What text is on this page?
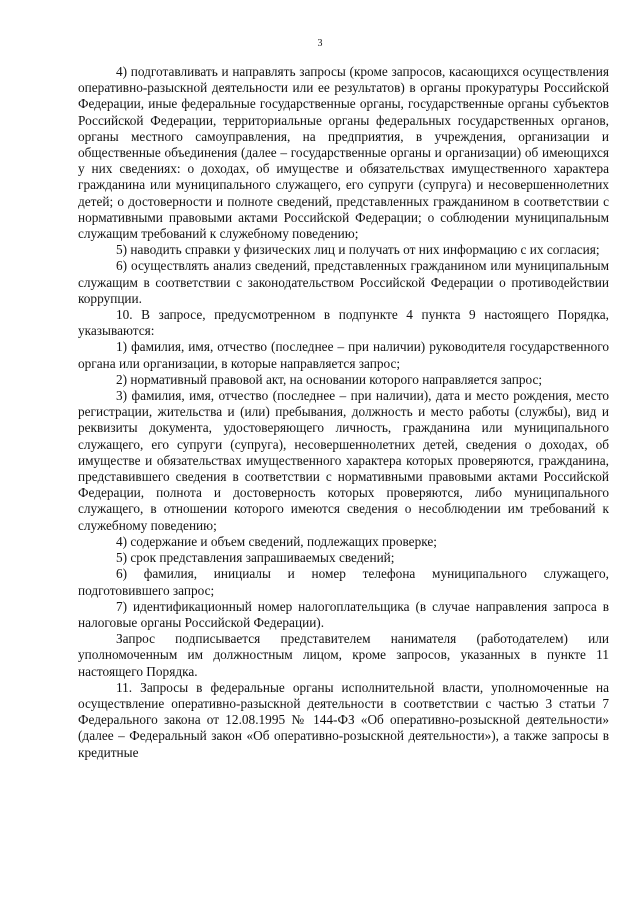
3

4) подготавливать и направлять запросы (кроме запросов, касающихся осуществления оперативно-разыскной деятельности или ее результатов) в органы прокуратуры Российской Федерации, иные федеральные государственные органы, государственные органы субъектов Российской Федерации, территориальные органы федеральных государственных органов, органы местного самоуправления, на предприятия, в учреждения, организации и общественные объединения (далее – государственные органы и организации) об имеющихся у них сведениях: о доходах, об имуществе и обязательствах имущественного характера гражданина или муниципального служащего, его супруги (супруга) и несовершеннолетних детей; о достоверности и полноте сведений, представленных гражданином в соответствии с нормативными правовыми актами Российской Федерации; о соблюдении муниципальным служащим требований к служебному поведению;

5) наводить справки у физических лиц и получать от них информацию с их согласия;

6) осуществлять анализ сведений, представленных гражданином или муниципальным служащим в соответствии с законодательством Российской Федерации о противодействии коррупции.

10. В запросе, предусмотренном в подпункте 4 пункта 9 настоящего Порядка, указываются:

1) фамилия, имя, отчество (последнее – при наличии) руководителя государственного органа или организации, в которые направляется запрос;

2) нормативный правовой акт, на основании которого направляется запрос;

3) фамилия, имя, отчество (последнее – при наличии), дата и место рождения, место регистрации, жительства и (или) пребывания, должность и место работы (службы), вид и реквизиты документа, удостоверяющего личность, гражданина или муниципального служащего, его супруги (супруга), несовершеннолетних детей, сведения о доходах, об имуществе и обязательствах имущественного характера которых проверяются, гражданина, представившего сведения в соответствии с нормативными правовыми актами Российской Федерации, полнота и достоверность которых проверяются, либо муниципального служащего, в отношении которого имеются сведения о несоблюдении им требований к служебному поведению;

4) содержание и объем сведений, подлежащих проверке;

5) срок представления запрашиваемых сведений;

6) фамилия, инициалы и номер телефона муниципального служащего, подготовившего запрос;

7) идентификационный номер налогоплательщика (в случае направления запроса в налоговые органы Российской Федерации).

Запрос подписывается представителем нанимателя (работодателем) или уполномоченным им должностным лицом, кроме запросов, указанных в пункте 11 настоящего Порядка.

11. Запросы в федеральные органы исполнительной власти, уполномоченные на осуществление оперативно-разыскной деятельности в соответствии с частью 3 статьи 7 Федерального закона от 12.08.1995 № 144-ФЗ «Об оперативно-розыскной деятельности» (далее – Федеральный закон «Об оперативно-розыскной деятельности»), а также запросы в кредитные
